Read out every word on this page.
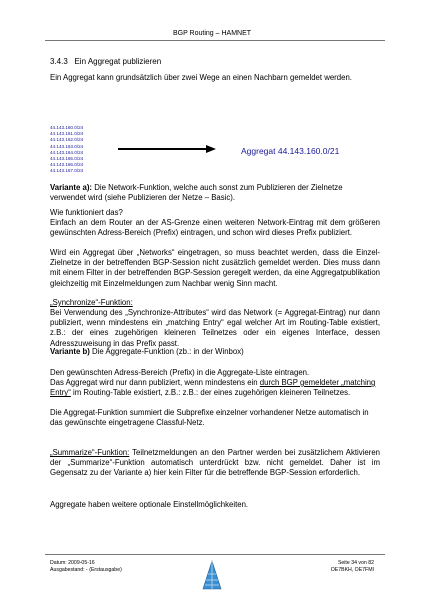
BGP Routing – HAMNET
3.4.3 Ein Aggregat publizieren
Ein Aggregat kann grundsätzlich über zwei Wege an einen Nachbarn gemeldet werden.
44.143.160.0/24
44.143.161.0/24
44.143.162.0/24
44.143.163.0/24
44.143.164.0/24
44.143.165.0/24
44.143.166.0/24
44.143.167.0/24
Aggregat 44.143.160.0/21
Variante a): Die Network-Funktion, welche auch sonst zum Publizieren der Zielnetze verwendet wird (siehe Publizieren der Netze – Basic).
Wie funktioniert das?
Einfach an dem Router an der AS-Grenze einen weiteren Network-Eintrag mit dem größeren gewünschten Adress-Bereich (Prefix) eintragen, und schon wird dieses Prefix publiziert.
Wird ein Aggregat über „Networks“ eingetragen, so muss beachtet werden, dass die Einzel-Zielnetze in der betreffenden BGP-Session nicht zusätzlich gemeldet werden. Dies muss dann mit einem Filter in der betreffenden BGP-Session geregelt werden, da eine Aggregatpublikation gleichzeitig mit Einzelmeldungen zum Nachbar wenig Sinn macht.
„Synchronize“-Funktion:
Bei Verwendung des „Synchronize-Attributes“ wird das Network (= Aggregat-Eintrag) nur dann publiziert, wenn mindestens ein „matching Entry“ egal welcher Art im Routing-Table existiert, z.B.: der eines zugehörigen kleineren Teilnetzes oder ein eigenes Interface, dessen Adresszuweisung in das Prefix passt.
Variante b) Die Aggregate-Funktion (zb.: in der Winbox)
Den gewünschten Adress-Bereich (Prefix) in die Aggregate-Liste eintragen.
Das Aggregat wird nur dann publiziert, wenn mindestens ein durch BGP gemeldeter „matching Entry“ im Routing-Table existiert, z.B.: z.B.: der eines zugehörigen kleineren Teilnetzes.
Die Aggregat-Funktion summiert die Subprefixe einzelner vorhandener Netze automatisch in das gewünschte eingetragene Classful-Netz.
„Summarize“-Funktion: Teilnetzmeldungen an den Partner werden bei zusätzlichem Aktivieren der „Summarize“-Funktion automatisch unterdrückt bzw. nicht gemeldet. Daher ist im Gegensatz zu der Variante a) hier kein Filter für die betreffende BGP-Session erforderlich.
Aggregate haben weitere optionale Einstellmöglichkeiten.
Datum: 2009-05-16
Ausgabestand: - (Erstausgabe)
Seite 34 von 82
OE7BKH, OE7FMI
